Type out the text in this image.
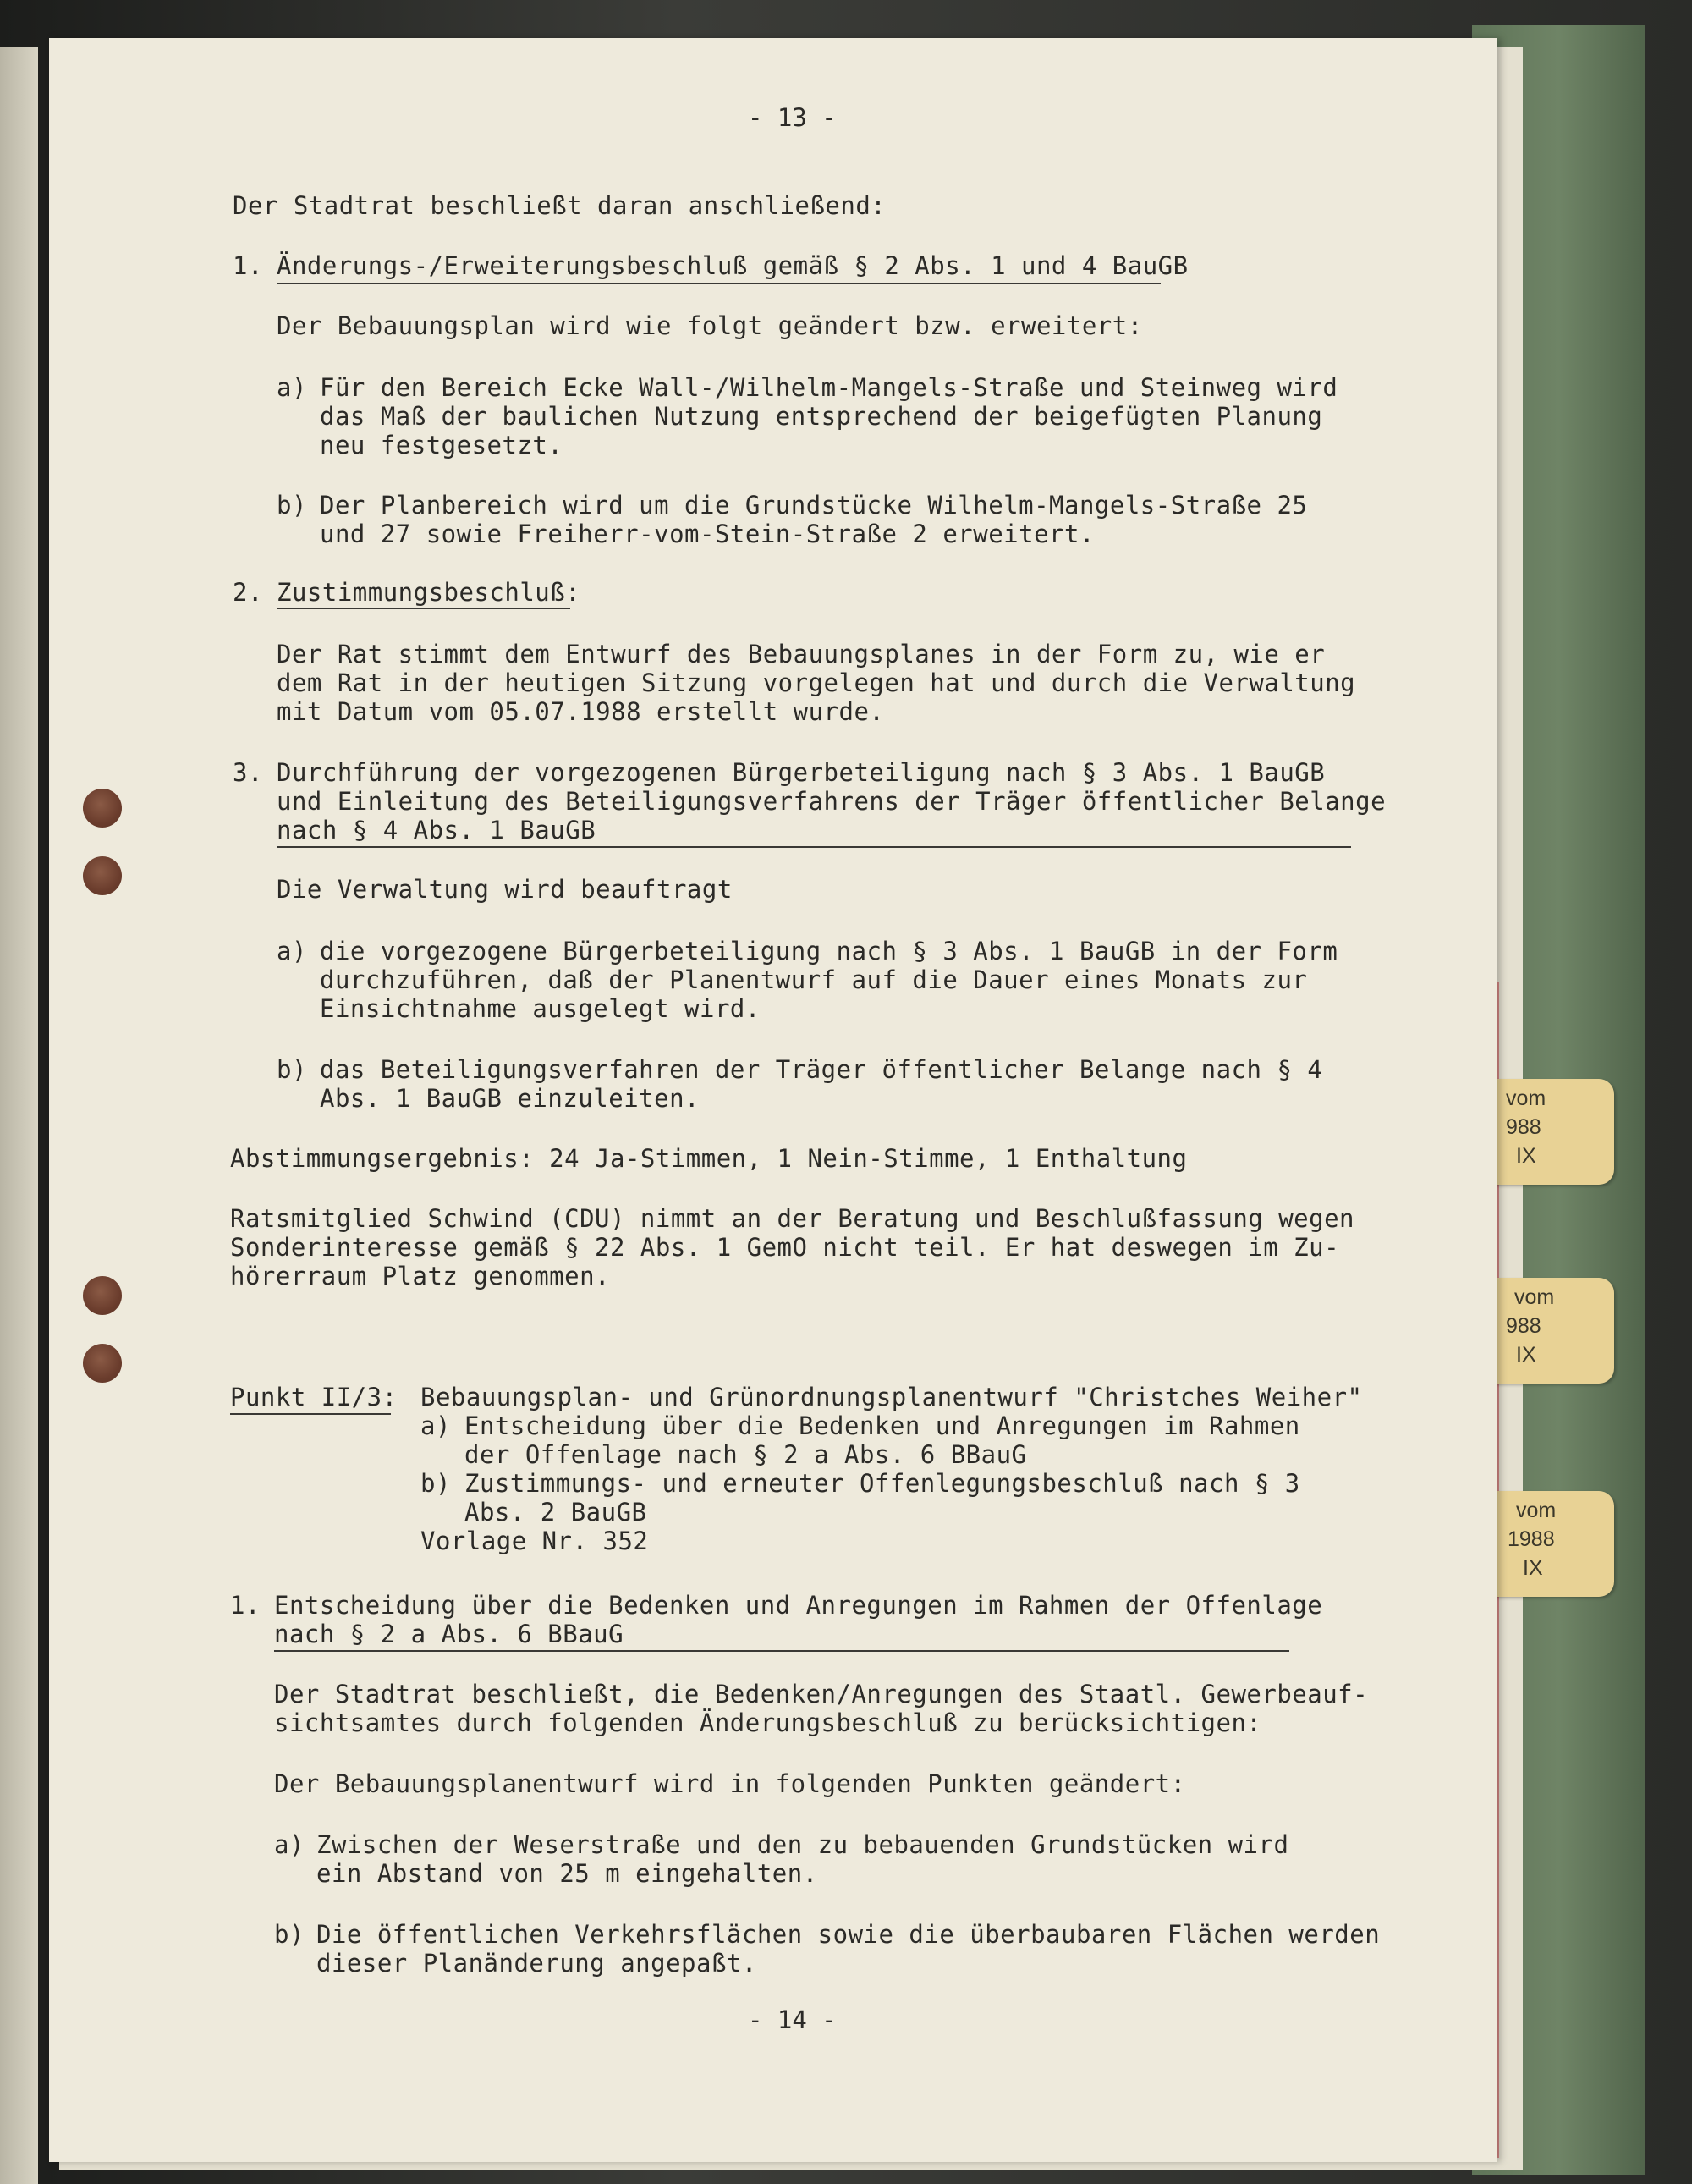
vom
988
IX
vom
988
IX
vom
1988
IX
- 13 -

Der Stadtrat beschließt daran anschließend:

1. Änderungs-/Erweiterungsbeschluß gemäß § 2 Abs. 1 und 4 BauGB

Der Bebauungsplan wird wie folgt geändert bzw. erweitert:

a) Für den Bereich Ecke Wall-/Wilhelm-Mangels-Straße und Steinweg wird

das Maß der baulichen Nutzung entsprechend der beigefügten Planung

neu festgesetzt.

b) Der Planbereich wird um die Grundstücke Wilhelm-Mangels-Straße 25

und 27 sowie Freiherr-vom-Stein-Straße 2 erweitert.

2. Zustimmungsbeschluß:

Der Rat stimmt dem Entwurf des Bebauungsplanes in der Form zu, wie er

dem Rat in der heutigen Sitzung vorgelegen hat und durch die Verwaltung

mit Datum vom 05.07.1988 erstellt wurde.

3. Durchführung der vorgezogenen Bürgerbeteiligung nach § 3 Abs. 1 BauGB

und Einleitung des Beteiligungsverfahrens der Träger öffentlicher Belange

nach § 4 Abs. 1 BauGB

Die Verwaltung wird beauftragt

a) die vorgezogene Bürgerbeteiligung nach § 3 Abs. 1 BauGB in der Form

durchzuführen, daß der Planentwurf auf die Dauer eines Monats zur

Einsichtnahme ausgelegt wird.

b) das Beteiligungsverfahren der Träger öffentlicher Belange nach § 4

Abs. 1 BauGB einzuleiten.

Abstimmungsergebnis: 24 Ja-Stimmen, 1 Nein-Stimme, 1 Enthaltung

Ratsmitglied Schwind (CDU) nimmt an der Beratung und Beschlußfassung wegen

Sonderinteresse gemäß § 22 Abs. 1 GemO nicht teil. Er hat deswegen im Zu-

hörerraum Platz genommen.

Punkt II/3: Bebauungsplan- und Grünordnungsplanentwurf "Christches Weiher"

a) Entscheidung über die Bedenken und Anregungen im Rahmen

der Offenlage nach § 2 a Abs. 6 BBauG

b) Zustimmungs- und erneuter Offenlegungsbeschluß nach § 3

Abs. 2 BauGB

Vorlage Nr. 352

1. Entscheidung über die Bedenken und Anregungen im Rahmen der Offenlage

nach § 2 a Abs. 6 BBauG

Der Stadtrat beschließt, die Bedenken/Anregungen des Staatl. Gewerbeauf-

sichtsamtes durch folgenden Änderungsbeschluß zu berücksichtigen:

Der Bebauungsplanentwurf wird in folgenden Punkten geändert:

a) Zwischen der Weserstraße und den zu bebauenden Grundstücken wird

ein Abstand von 25 m eingehalten.

b) Die öffentlichen Verkehrsflächen sowie die überbaubaren Flächen werden

dieser Planänderung angepaßt.

- 14 -
